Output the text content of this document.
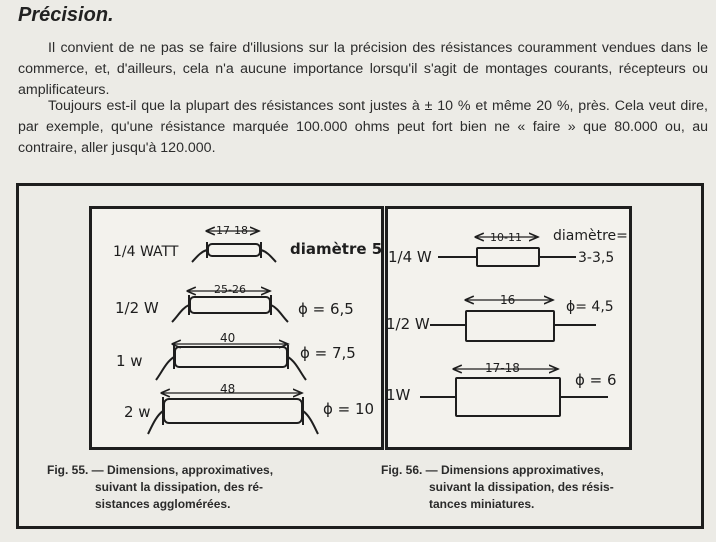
Précision.
Il convient de ne pas se faire d'illusions sur la précision des résistances couramment vendues dans le commerce, et, d'ailleurs, cela n'a aucune importance lorsqu'il s'agit de montages courants, récepteurs ou amplificateurs.
Toujours est-il que la plupart des résistances sont justes à ± 10 % et même 20 %, près. Cela veut dire, par exemple, qu'une résistance marquée 100.000 ohms peut fort bien ne « faire » que 80.000 ou, au contraire, aller jusqu'à 120.000.
1/4 WATT
17-18
diamètre 5
1/2 W
25-26
ϕ = 6,5
1 w
40
ϕ = 7,5
2 w
48
ϕ = 10
diamètre=
1/4 W
10-11
3-3,5
1/2 W
16	ϕ= 4,5
1W
17-18
ϕ = 6
Fig. 55. — Dimensions, approximatives,
suivant la dissipation, des ré-
sistances agglomérées.
Fig. 56. — Dimensions approximatives,
suivant la dissipation, des résis-
tances miniatures.
